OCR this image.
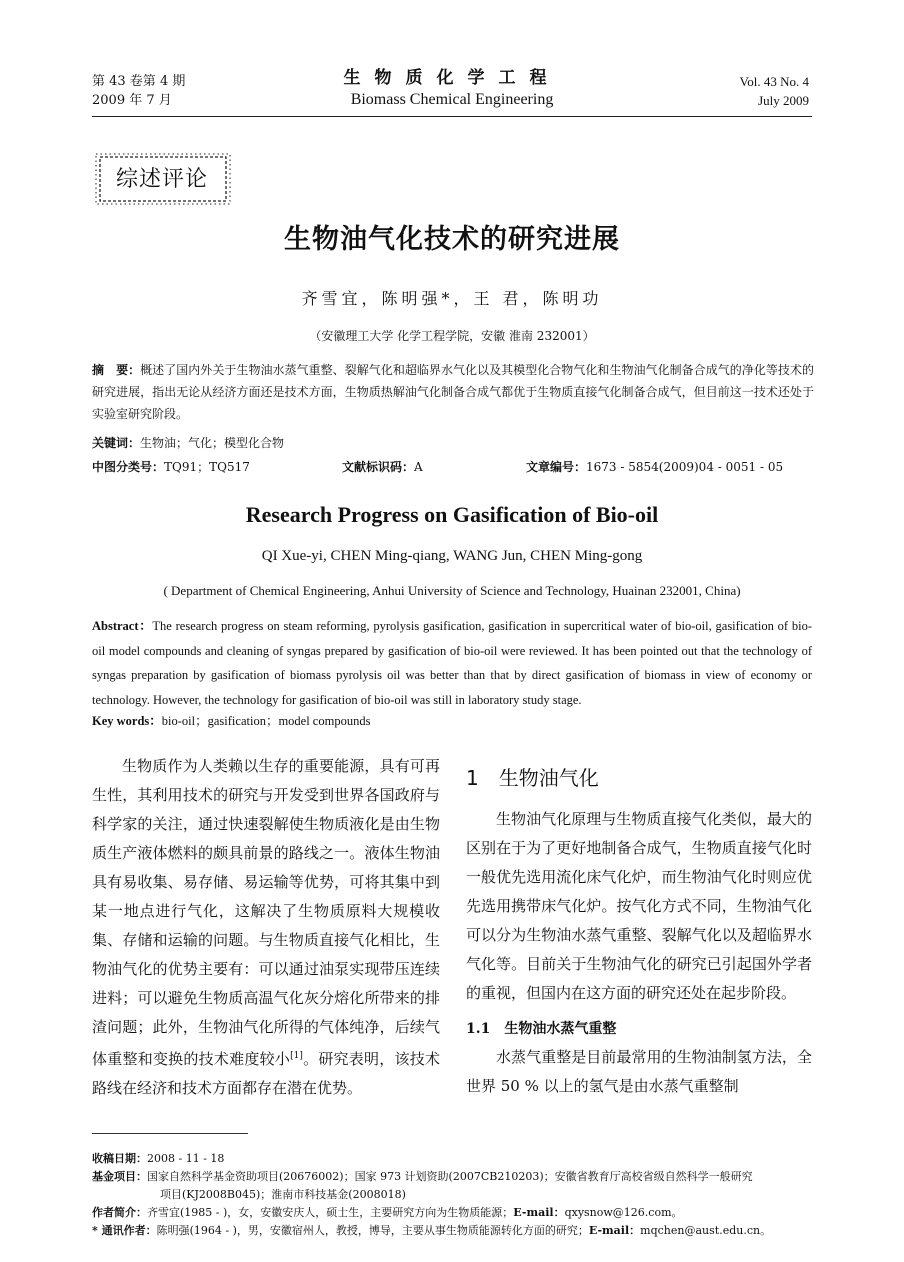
第 43 卷第 4 期
2009 年 7 月
生物质化学工程
Biomass Chemical Engineering
Vol. 43 No. 4
July 2009
综述评论
生物油气化技术的研究进展
齐雪宜，陈明强*，王 君，陈明功
（安徽理工大学 化学工程学院，安徽 淮南 232001）
摘　要：概述了国内外关于生物油水蒸气重整、裂解气化和超临界水气化以及其模型化合物气化和生物油气化制备合成气的净化等技术的研究进展，指出无论从经济方面还是技术方面，生物质热解油气化制备合成气都优于生物质直接气化制备合成气，但目前这一技术还处于实验室研究阶段。
关键词：生物油；气化；模型化合物
中图分类号：TQ91；TQ517	文献标识码：A	文章编号：1673 - 5854(2009)04 - 0051 - 05
Research Progress on Gasification of Bio-oil
QI Xue-yi, CHEN Ming-qiang, WANG Jun, CHEN Ming-gong
( Department of Chemical Engineering, Anhui University of Science and Technology, Huainan 232001, China)
Abstract：The research progress on steam reforming, pyrolysis gasification, gasification in supercritical water of bio-oil, gasification of bio-oil model compounds and cleaning of syngas prepared by gasification of bio-oil were reviewed. It has been pointed out that the technology of syngas preparation by gasification of biomass pyrolysis oil was better than that by direct gasification of biomass in view of economy or technology. However, the technology for gasification of bio-oil was still in laboratory study stage.
Key words：bio-oil；gasification；model compounds

生物质作为人类赖以生存的重要能源，具有可再生性，其利用技术的研究与开发受到世界各国政府与科学家的关注，通过快速裂解使生物质液化是由生物质生产液体燃料的颇具前景的路线之一。液体生物油具有易收集、易存储、易运输等优势，可将其集中到某一地点进行气化，这解决了生物质原料大规模收集、存储和运输的问题。与生物质直接气化相比，生物油气化的优势主要有：可以通过油泵实现带压连续进料；可以避免生物质高温气化灰分熔化所带来的排渣问题；此外，生物油气化所得的气体纯净，后续气体重整和变换的技术难度较小[1]。研究表明，该技术路线在经济和技术方面都存在潜在优势。

1　生物油气化

生物油气化原理与生物质直接气化类似，最大的区别在于为了更好地制备合成气，生物质直接气化时一般优先选用流化床气化炉，而生物油气化时则应优先选用携带床气化炉。按气化方式不同，生物油气化可以分为生物油水蒸气重整、裂解气化以及超临界水气化等。目前关于生物油气化的研究已引起国外学者的重视，但国内在这方面的研究还处在起步阶段。

1.1　生物油水蒸气重整

水蒸气重整是目前最常用的生物油制氢方法，全世界 50 % 以上的氢气是由水蒸气重整制

收稿日期：2008 - 11 - 18
基金项目：国家自然科学基金资助项目(20676002)；国家 973 计划资助(2007CB210203)；安徽省教育厅高校省级自然科学一般研究
项目(KJ2008B045)；淮南市科技基金(2008018)
作者简介：齐雪宜(1985 - )，女，安徽安庆人，硕士生，主要研究方向为生物质能源；E-mail：qxysnow@126.com。
* 通讯作者：陈明强(1964 - )，男，安徽宿州人，教授，博导，主要从事生物质能源转化方面的研究；E-mail：mqchen@aust.edu.cn。
